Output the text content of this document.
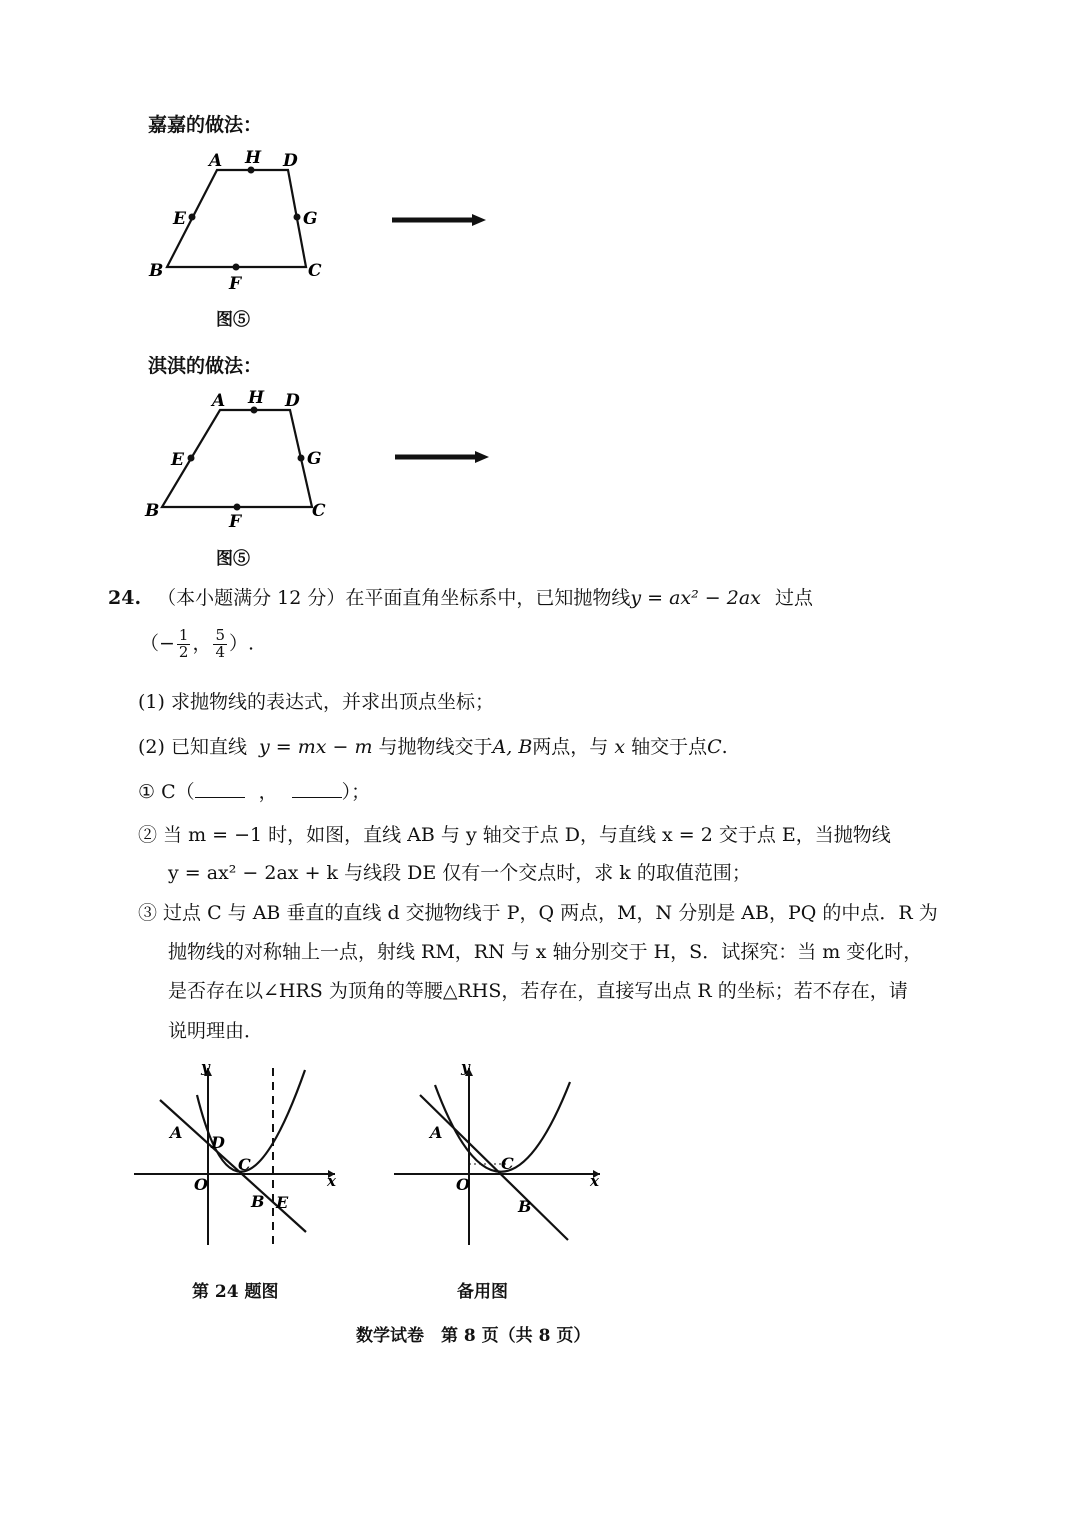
嘉嘉的做法：
A H D
E	G
B
F
C
图⑤
淇淇的做法：
A H D
E	G
B
F
C
图⑤
24. （本小题满分 12 分）在平面直角坐标系中，已知抛物线y = ax² − 2ax 过点
（− $\frac{1}{2}$ ， $\frac{5}{4}$ ）.
(1) 求抛物线的表达式，并求出顶点坐标；
(2) 已知直线 y = mx − m 与抛物线交于A, B两点，与 x 轴交于点C.
① C（	，	）；
② 当 m = −1 时，如图，直线 AB 与 y 轴交于点 D，与直线 x = 2 交于点 E，当抛物线
y = ax² − 2ax + k 与线段 DE 仅有一个交点时，求 k 的取值范围；
③ 过点 C 与 AB 垂直的直线 d 交抛物线于 P，Q 两点，M，N 分别是 AB，PQ 的中点．R 为
抛物线的对称轴上一点，射线 RM，RN 与 x 轴分别交于 H，S．试探究：当 m 变化时，
是否存在以∠HRS 为顶角的等腰△RHS，若存在，直接写出点 R 的坐标；若不存在，请
说明理由．
y
x
A
D
C
O
B E
第 24 题图
y
x
A
C
O
B
备用图
数学试卷　第 8 页（共 8 页）
